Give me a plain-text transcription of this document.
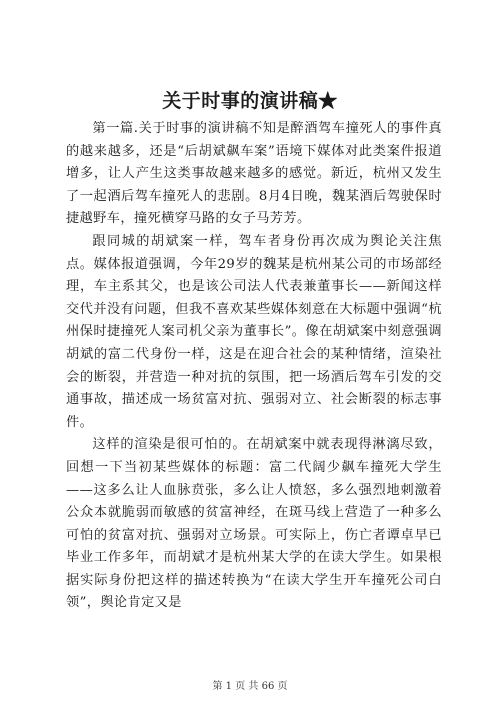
关于时事的演讲稿★

第一篇.关于时事的演讲稿不知是醉酒驾车撞死人的事件真的越来越多，还是“后胡斌飙车案”语境下媒体对此类案件报道增多，让人产生这类事故越来越多的感觉。新近，杭州又发生了一起酒后驾车撞死人的悲剧。8月4日晚，魏某酒后驾驶保时捷越野车，撞死横穿马路的女子马芳芳。

跟同城的胡斌案一样，驾车者身份再次成为舆论关注焦点。媒体报道强调，今年29岁的魏某是杭州某公司的市场部经理，车主系其父，也是该公司法人代表兼董事长——新闻这样交代并没有问题，但我不喜欢某些媒体刻意在大标题中强调“杭州保时捷撞死人案司机父亲为董事长”。像在胡斌案中刻意强调胡斌的富二代身份一样，这是在迎合社会的某种情绪，渲染社会的断裂，并营造一种对抗的氛围，把一场酒后驾车引发的交通事故，描述成一场贫富对抗、强弱对立、社会断裂的标志事件。

这样的渲染是很可怕的。在胡斌案中就表现得淋漓尽致，回想一下当初某些媒体的标题：富二代阔少飙车撞死大学生——这多么让人血脉贲张，多么让人愤怒，多么强烈地刺激着公众本就脆弱而敏感的贫富神经，在斑马线上营造了一种多么可怕的贫富对抗、强弱对立场景。可实际上，伤亡者谭卓早已毕业工作多年，而胡斌才是杭州某大学的在读大学生。如果根据实际身份把这样的描述转换为“在读大学生开车撞死公司白领”，舆论肯定又是

第 1 页 共 66 页
